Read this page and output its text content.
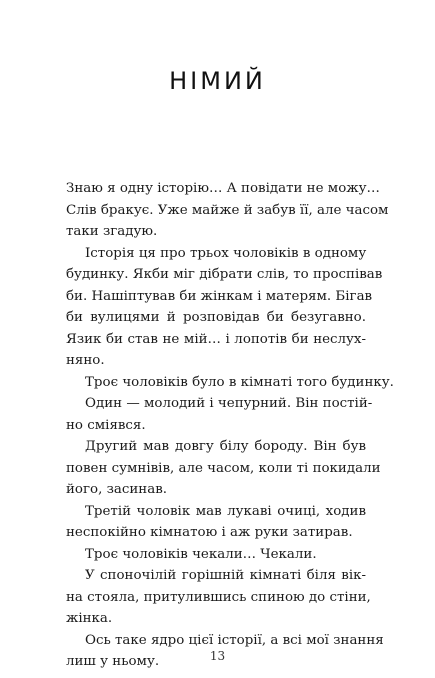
НІМИЙ
Знаю я одну історію… А повідати не можу…
Слів бракує. Уже майже й забув її, але часом
таки згадую.
Історія ця про трьох чоловіків в одному
будинку. Якби міг дібрати слів, то проспівав
би. Нашіптував би жінкам і матерям. Бігав
би вулицями й розповідав би безугавно.
Язик би став не мій… і лопотів би неслух-
няно.
Троє чоловіків було в кімнаті того будинку.
Один — молодий і чепурний. Він постій-
но сміявся.
Другий мав довгу білу бороду. Він був
повен сумнівів, але часом, коли ті покидали
його, засинав.
Третій чоловік мав лукаві очиці, ходив
неспокійно кімнатою і аж руки затирав.
Троє чоловіків чекали… Чекали.
У споночілій горішній кімнаті біля вік-
на стояла, притулившись спиною до стіни,
жінка.
Ось таке ядро цієї історії, а всі мої знання
лиш у ньому.	13
